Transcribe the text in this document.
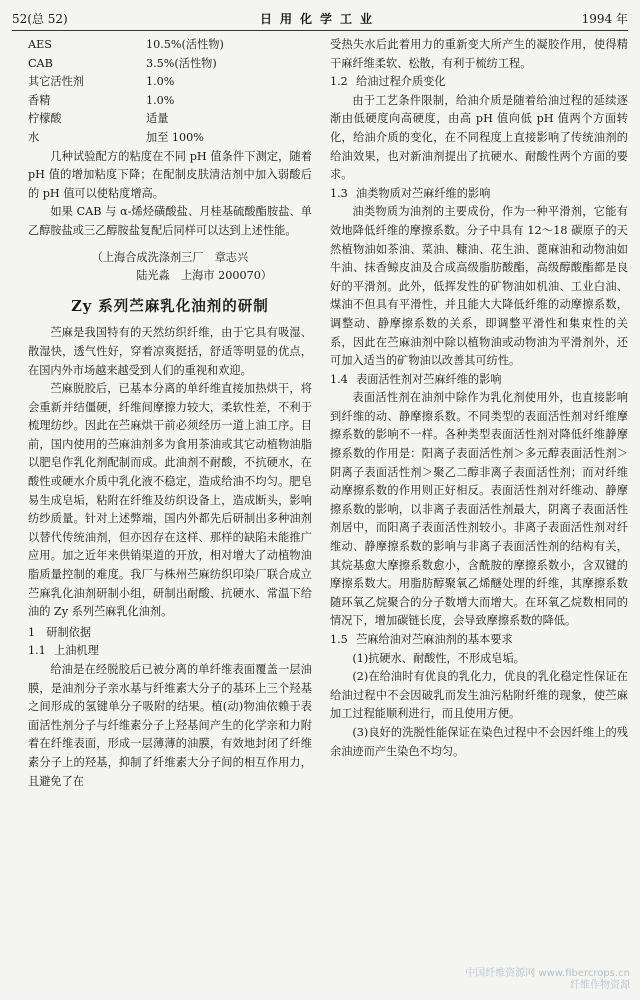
52(总 52)	日用化学工业	1994 年
AES	10.5%(活性物)
CAB	3.5%(活性物)
其它活性剂	1.0%
香精	1.0%
柠檬酸	适量
水	加至 100%

几种试验配方的粘度在不同 pH 值条件下测定，随着 pH 值的增加粘度下降；在配制皮肤清洁剂中加入弱酸后的 pH 值可以使粘度增高。

如果 CAB 与 α-烯烃磺酸盐、月桂基硫酸酯胺盐、单乙醇胺盐或三乙醇胺盐复配后同样可以达到上述性能。

（上海合成洗涤剂三厂　章志兴
陆光淼　上海市 200070）
Zy 系列苎麻乳化油剂的研制

苎麻是我国特有的天然纺织纤维，由于它具有吸湿、散湿快，透气性好，穿着凉爽挺括，舒适等明显的优点，在国内外市场越来越受到人们的重视和欢迎。

苎麻脱胶后，已基本分离的单纤维直接加热烘干，将会重新并结僵硬，纤维间摩擦力较大，柔软性差，不利于梳理纺纱。因此在苎麻烘干前必须经历一道上油工序。目前，国内使用的苎麻油剂多为食用茶油或其它动植物油脂以肥皂作乳化剂配制而成。此油剂不耐酸，不抗硬水，在酸性或硬水介质中乳化液不稳定，造成给油不均匀。肥皂易生成皂垢，粘附在纤维及纺织设备上，造成断头，影响纺纱质量。针对上述弊端，国内外都先后研制出多种油剂以替代传统油剂，但亦因存在这样、那样的缺陷未能推广应用。加之近年来供销渠道的开放，相对增大了动植物油脂质量控制的难度。我厂与株州苎麻纺织印染厂联合成立苎麻乳化油剂研制小组，研制出耐酸、抗硬水、常温下给油的 Zy 系列苎麻乳化油剂。

1　研制依据

1.1 上油机理

给油是在经脱胶后已被分离的单纤维表面覆盖一层油膜，是油剂分子亲水基与纤维素大分子的基环上三个羟基之间形成的氢键单分子吸附的结果。植(动)物油依赖于表面活性剂分子与纤维素分子上羟基间产生的化学亲和力附着在纤维表面，形成一层薄薄的油膜，有效地封闭了纤维素分子上的羟基，抑制了纤维素大分子间的相互作用力，且避免了在

受热失水后此着用力的重新变大所产生的凝胶作用，使得精干麻纤维柔软、松散，有利于梳纺工程。

1.2 给油过程介质变化

由于工艺条件限制，给油介质是随着给油过程的延续逐渐由低硬度向高硬度，由高 pH 值向低 pH 值两个方面转化，给油介质的变化，在不同程度上直接影响了传统油剂的给油效果，也对新油剂提出了抗硬水、耐酸性两个方面的要求。

1.3 油类物质对苎麻纤维的影响

油类物质为油剂的主要成份，作为一种平滑剂，它能有效地降低纤维的摩擦系数。分子中具有 12～18 碳原子的天然植物油如茶油、菜油、糠油、花生油、蓖麻油和动物油如牛油、抹香鲸皮油及合成高级脂肪酸酯，高级醇酸酯都是良好的平滑剂。此外，低挥发性的矿物油如机油、工业白油、煤油不但具有平滑性，并且能大大降低纤维的动摩擦系数，调整动、静摩擦系数的关系，即调整平滑性和集束性的关系，因此在苎麻油剂中除以植物油或动物油为平滑剂外，还可加入适当的矿物油以改善其可纺性。

1.4 表面活性剂对苎麻纤维的影响

表面活性剂在油剂中除作为乳化剂使用外，也直接影响到纤维的动、静摩擦系数。不同类型的表面活性剂对纤维摩擦系数的影响不一样。各种类型表面活性剂对降低纤维静摩擦系数的作用是：阳离子表面活性剂＞多元醇表面活性剂＞阴离子表面活性剂＞聚乙二醇非离子表面活性剂；而对纤维动摩擦系数的作用则正好相反。表面活性剂对纤维动、静摩擦系数的影响，以非离子表面活性剂最大，阴离子表面活性剂居中，而阳离子表面活性剂较小。非离子表面活性剂对纤维动、静摩擦系数的影响与非离子表面活性剂的结构有关，其烷基愈大摩擦系数愈小，含酰胺的摩擦系数小，含双键的摩擦系数大。用脂肪醇聚氧乙烯醚处理的纤维，其摩擦系数随环氧乙烷聚合的分子数增大而增大。在环氧乙烷数相同的情况下，增加碳链长度，会导致摩擦系数的降低。

1.5 苎麻给油对苎麻油剂的基本要求

(1)抗硬水、耐酸性，不形成皂垢。

(2)在给油时有优良的乳化力，优良的乳化稳定性保证在给油过程中不会因破乳而发生油污粘附纤维的现象，使苎麻加工过程能顺利进行，而且使用方便。

(3)良好的洗脱性能保证在染色过程中不会因纤维上的残余油迹而产生染色不均匀。

中国纤维资源网 www.fibercrops.cn
纤维作物资源
